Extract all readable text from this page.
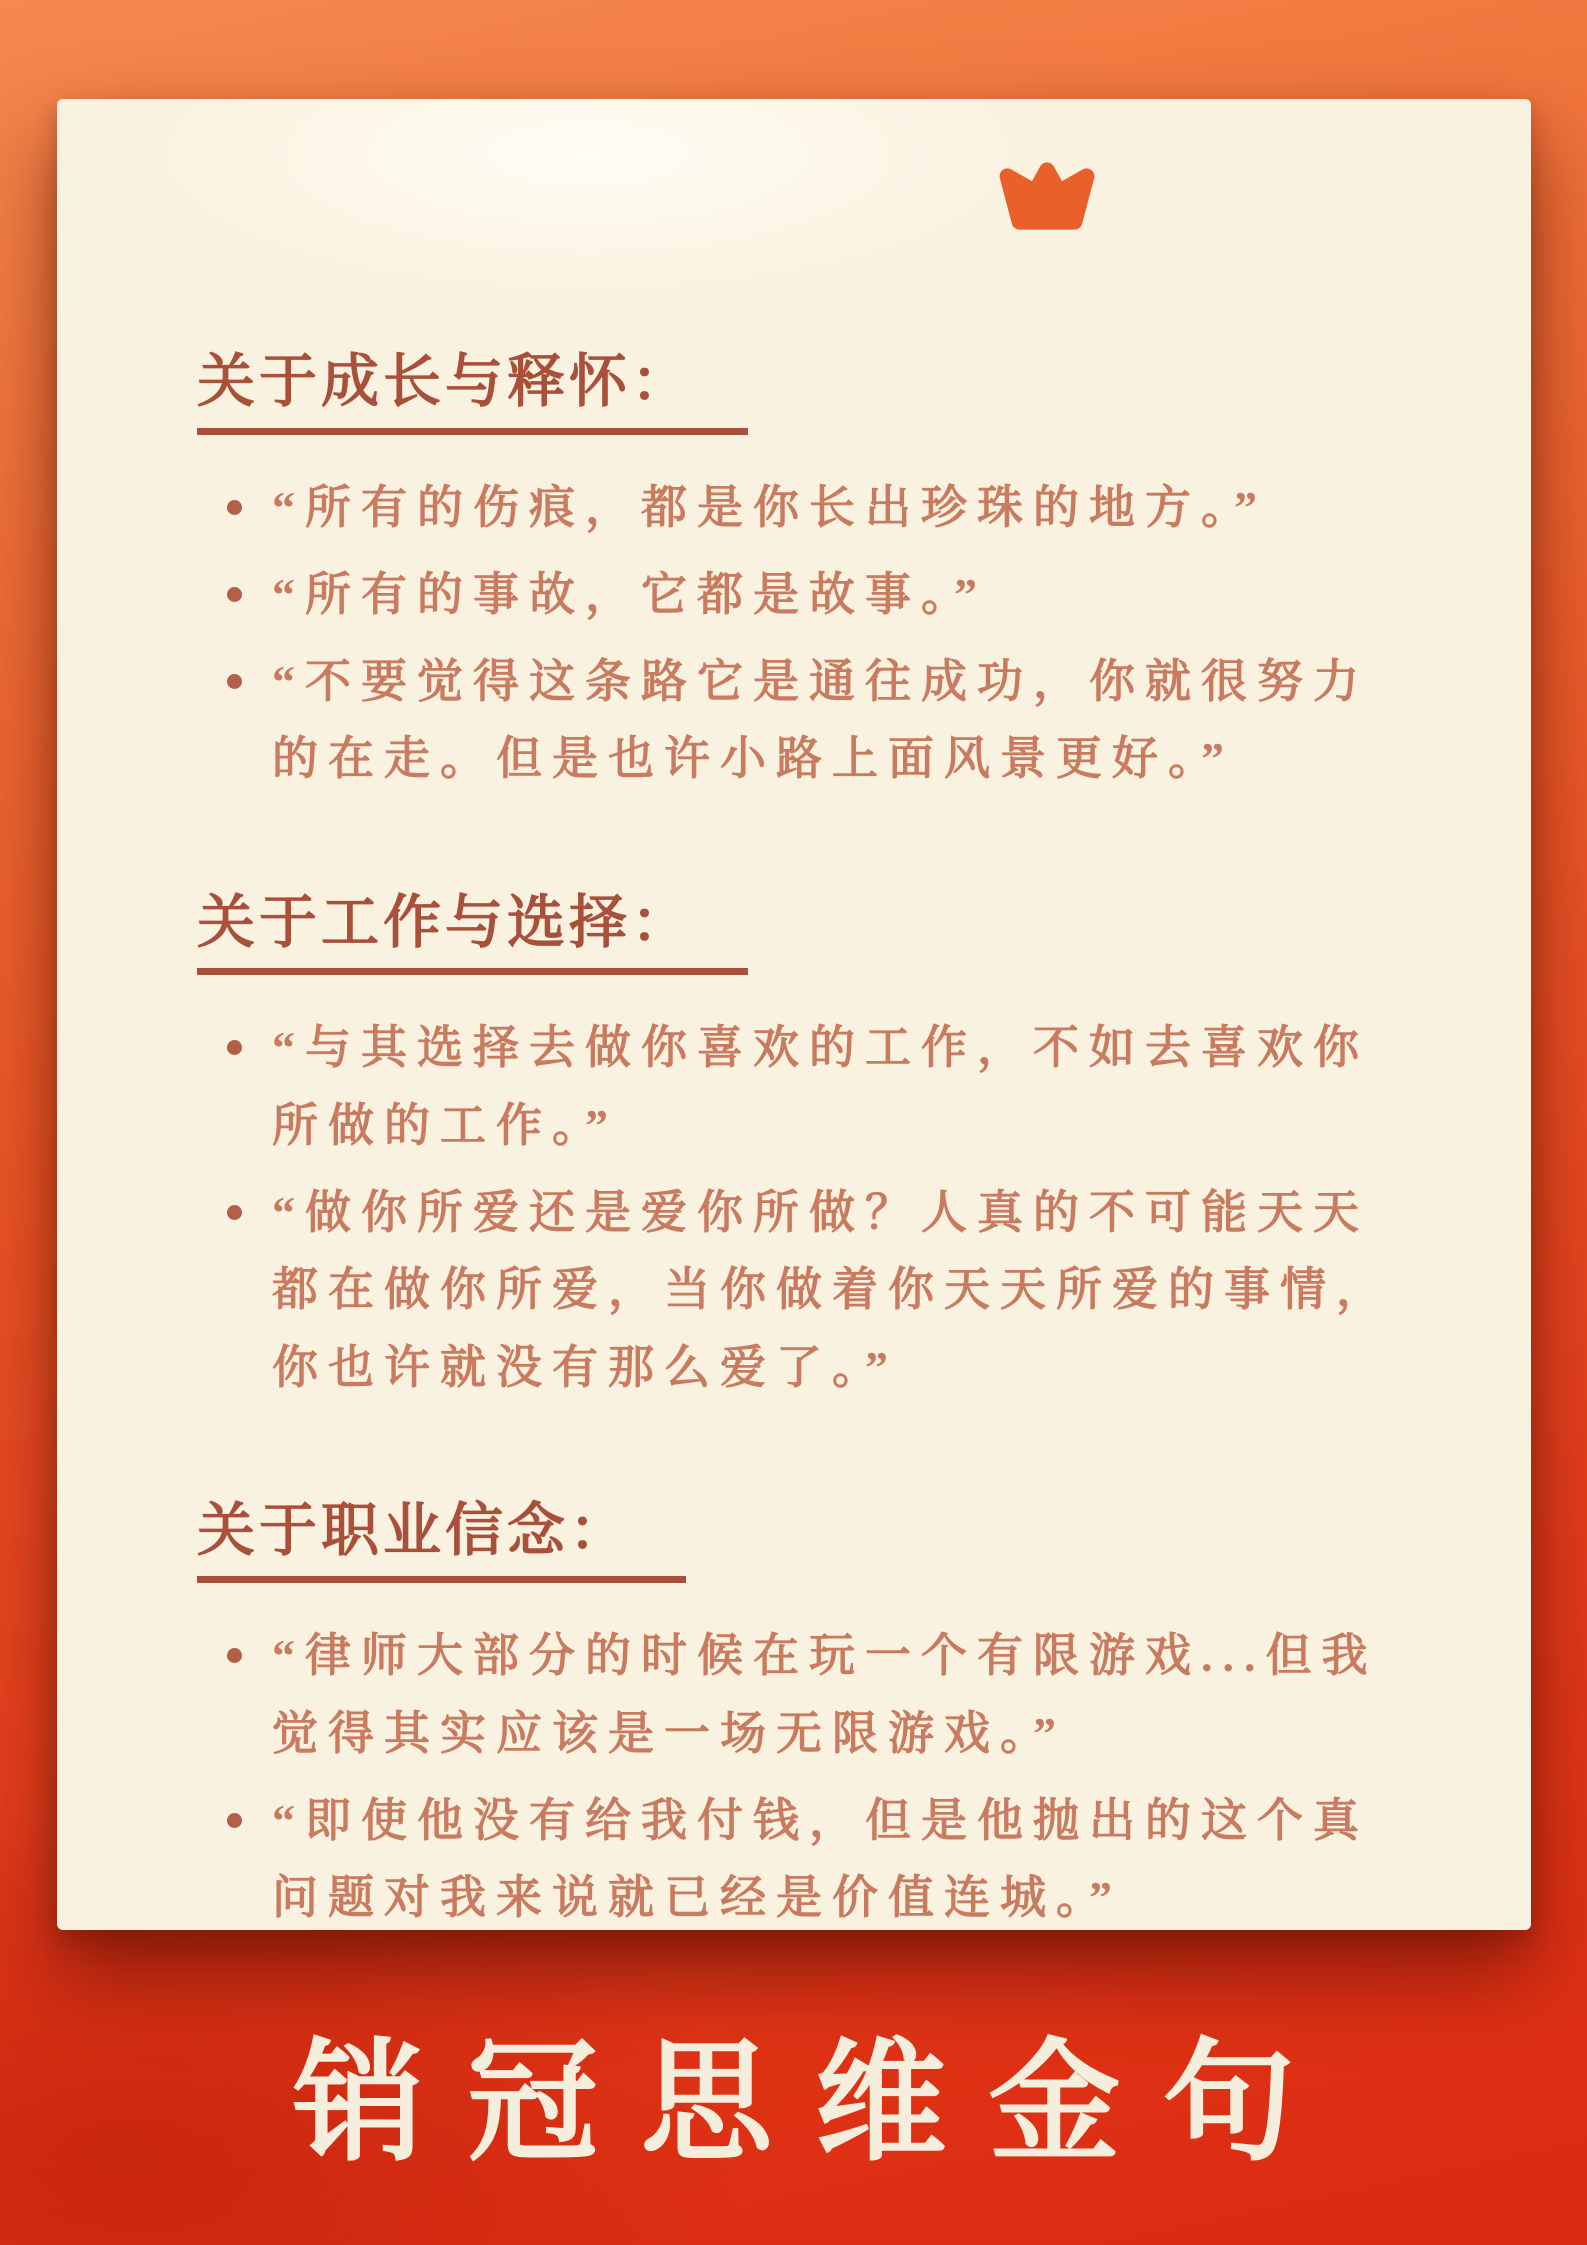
关于成长与释怀：
“所有的伤痕，都是你长出珍珠的地方。”
“所有的事故，它都是故事。”
“不要觉得这条路它是通往成功，你就很努力的在走。但是也许小路上面风景更好。”
关于工作与选择：
“与其选择去做你喜欢的工作，不如去喜欢你所做的工作。”
“做你所爱还是爱你所做？人真的不可能天天都在做你所爱，当你做着你天天所爱的事情，你也许就没有那么爱了。”
关于职业信念：
“律师大部分的时候在玩一个有限游戏...但我觉得其实应该是一场无限游戏。”
“即使他没有给我付钱，但是他抛出的这个真问题对我来说就已经是价值连城。”
销冠思维金句
